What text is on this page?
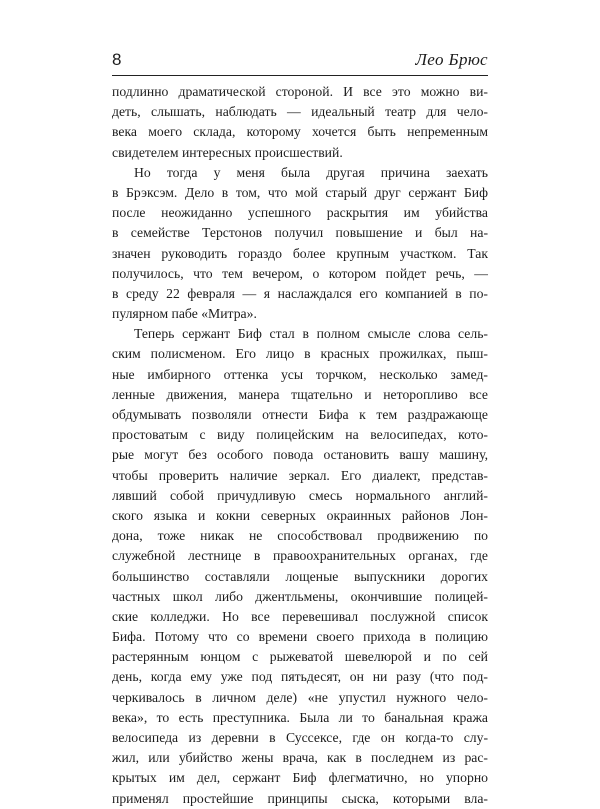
8	Лео Брюс
подлинно драматической стороной. И все это можно ви-
деть, слышать, наблюдать — идеальный театр для чело-
века моего склада, которому хочется быть непременным
свидетелем интересных происшествий.
Но тогда у меня была другая причина заехать
в Брэксэм. Дело в том, что мой старый друг сержант Биф
после неожиданно успешного раскрытия им убийства
в семействе Терстонов получил повышение и был на-
значен руководить гораздо более крупным участком. Так
получилось, что тем вечером, о котором пойдет речь, —
в среду 22 февраля — я наслаждался его компанией в по-
пулярном пабе «Митра».
Теперь сержант Биф стал в полном смысле слова сель-
ским полисменом. Его лицо в красных прожилках, пыш-
ные имбирного оттенка усы торчком, несколько замед-
ленные движения, манера тщательно и неторопливо все
обдумывать позволяли отнести Бифа к тем раздражающе
простоватым с виду полицейским на велосипедах, кото-
рые могут без особого повода остановить вашу машину,
чтобы проверить наличие зеркал. Его диалект, представ-
лявший собой причудливую смесь нормального англий-
ского языка и кокни северных окраинных районов Лон-
дона, тоже никак не способствовал продвижению по
служебной лестнице в правоохранительных органах, где
большинство составляли лощеные выпускники дорогих
частных школ либо джентльмены, окончившие полицей-
ские колледжи. Но все перевешивал послужной список
Бифа. Потому что со времени своего прихода в полицию
растерянным юнцом с рыжеватой шевелюрой и по сей
день, когда ему уже под пятьдесят, он ни разу (что под-
черкивалось в личном деле) «не упустил нужного чело-
века», то есть преступника. Была ли то банальная кража
велосипеда из деревни в Суссексе, где он когда-то слу-
жил, или убийство жены врача, как в последнем из рас-
крытых им дел, сержант Биф флегматично, но упорно
применял простейшие принципы сыска, которыми вла-
